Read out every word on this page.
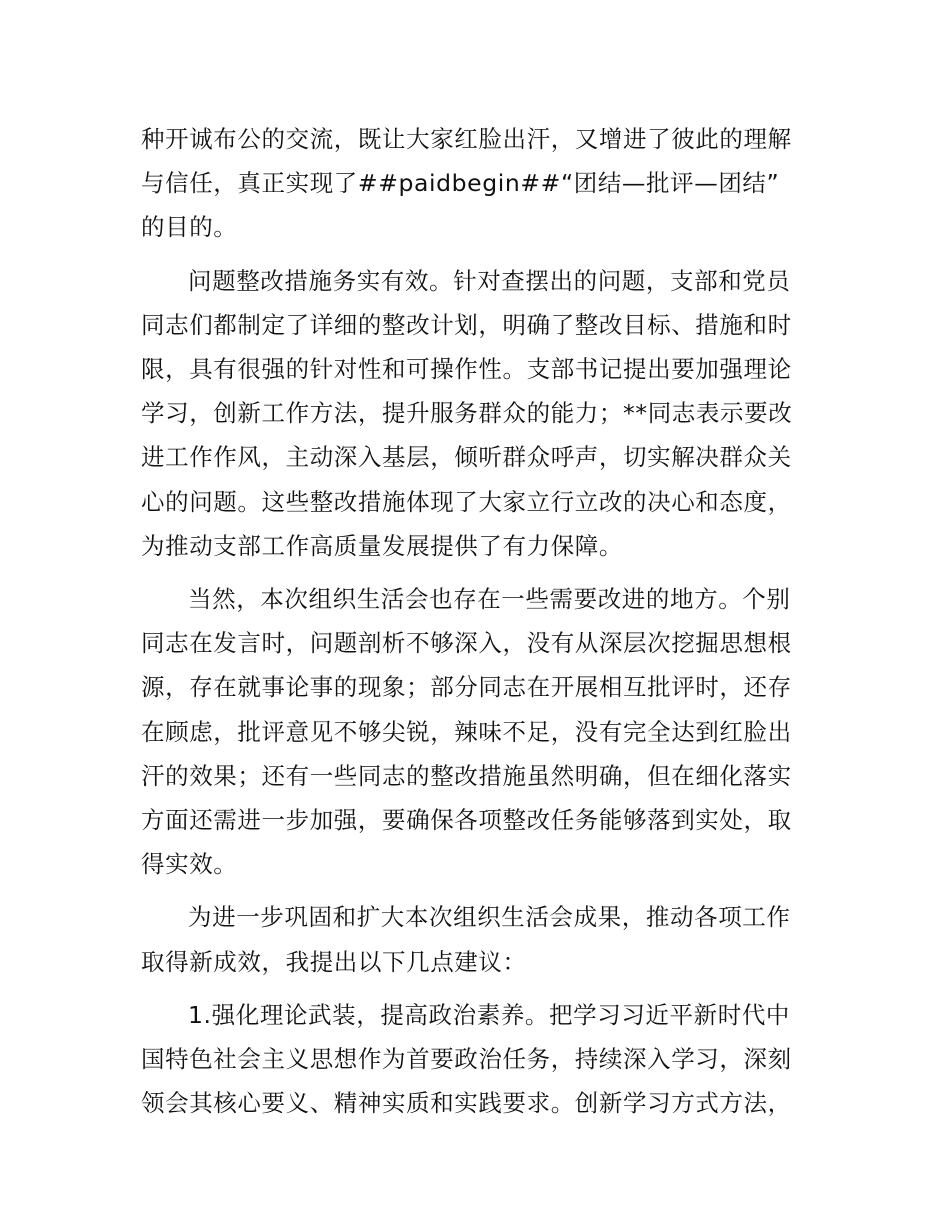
种开诚布公的交流，既让大家红脸出汗，又增进了彼此的理解
与信任，真正实现了##paidbegin##“团结—批评—团结”
的目的。

问题整改措施务实有效。针对查摆出的问题，支部和党员
同志们都制定了详细的整改计划，明确了整改目标、措施和时
限，具有很强的针对性和可操作性。支部书记提出要加强理论
学习，创新工作方法，提升服务群众的能力；**同志表示要改
进工作作风，主动深入基层，倾听群众呼声，切实解决群众关
心的问题。这些整改措施体现了大家立行立改的决心和态度，
为推动支部工作高质量发展提供了有力保障。

当然，本次组织生活会也存在一些需要改进的地方。个别
同志在发言时，问题剖析不够深入，没有从深层次挖掘思想根
源，存在就事论事的现象；部分同志在开展相互批评时，还存
在顾虑，批评意见不够尖锐，辣味不足，没有完全达到红脸出
汗的效果；还有一些同志的整改措施虽然明确，但在细化落实
方面还需进一步加强，要确保各项整改任务能够落到实处，取
得实效。

为进一步巩固和扩大本次组织生活会成果，推动各项工作
取得新成效，我提出以下几点建议：

1.强化理论武装，提高政治素养。把学习习近平新时代中
国特色社会主义思想作为首要政治任务，持续深入学习，深刻
领会其核心要义、精神实质和实践要求。创新学习方式方法，
